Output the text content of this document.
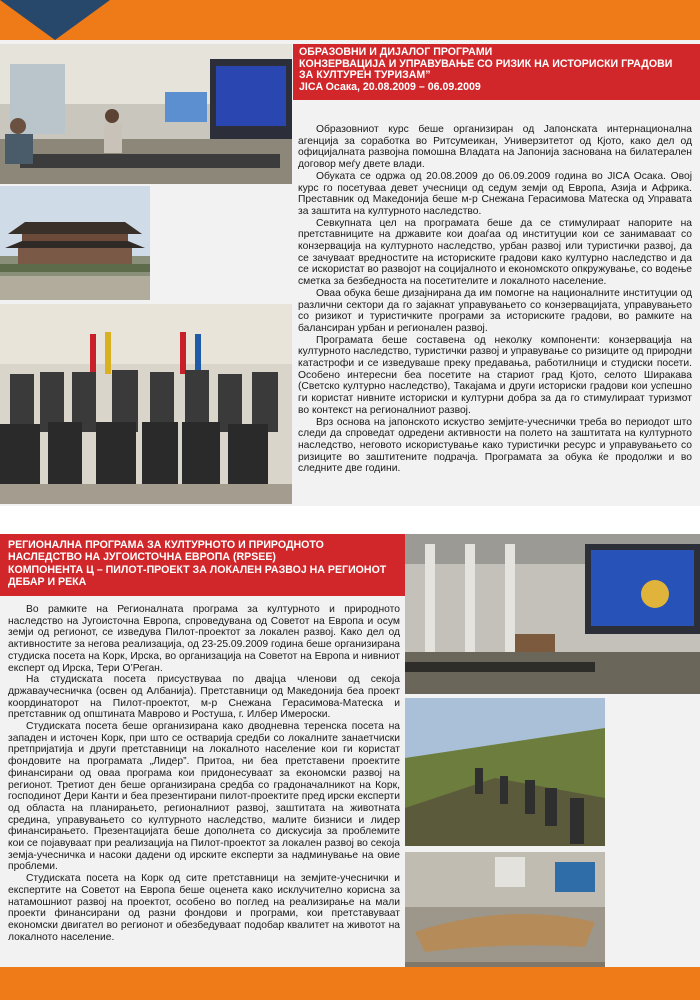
ОБРАЗОВНИ И ДИЈАЛОГ ПРОГРАМИ
КОНЗЕРВАЦИЈА И УПРАВУВАЊЕ СО РИЗИК НА ИСТОРИСКИ ГРАДОВИ
ЗА КУЛТУРЕН ТУРИЗАМ”
JICA Осака, 20.08.2009 – 06.09.2009

Образовниот курс беше организиран од Јапонската интернационална агенција за соработка во Ритсумеикан, Универзитетот од Кјото, како дел од официјалната развојна помошна Владата на Јапонија заснована на билатерален договор меѓу двете влади.

Обуката се одржа од 20.08.2009 до 06.09.2009 година во JICA Осака. Овој курс го посетуваа девет учесници од седум земји од Европа, Азија и Африка. Преставник од Македонија беше м-р Снежана Герасимова Матеска од Управата за заштита на културното наследство.

Севкупната цел на програмата беше да се стимулираат напорите на претставниците на државите кои доаѓаа од институции кои се занимаваат со конзервација на културното наследство, урбан развој или туристички развој, да се зачуваат вредностите на историските градови како културно наследство и да се искористат во развојот на социјалното и економското опкружување, со водење сметка за безбедноста на посетителите и локалното население.

Оваа обука беше дизајнирана да им помогне на националните институции од различни сектори да го зајакнат управувањето со конзервацијата, управувањето со ризикот и туристичките програми за историските градови, во рамките на балансиран урбан и регионален развој.

Програмата беше составена од неколку компоненти: конзервација на културното наследство, туристички развој и управување со ризиците од природни катастрофи и се изведуваше преку предавања, работилници и студиски посети. Особено интересни беа посетите на стариот град Кјото, селото Ширакава (Светско културно наследство), Такајама и други историски градови кои успешно ги користат нивните историски и културни добра за да го стимулираат туризмот во контекст на регионалниот развој.

Врз основа на јапонското искуство земјите-учеснички треба во периодот што следи да спроведат одредени активности на полето на заштитата на културното наследство, неговото искористување како туристички ресурс и управувањето со ризиците во заштитените подрачја. Програмата за обука ќе продолжи и во следните две години.

РЕГИОНАЛНА ПРОГРАМА ЗА КУЛТУРНОТО И ПРИРОДНОТО
НАСЛЕДСТВО НА ЈУГОИСТОЧНА ЕВРОПА (RPSEE)
КОМПОНЕНТА Ц – ПИЛОТ-ПРОЕКТ ЗА ЛОКАЛЕН РАЗВОЈ НА РЕГИОНОТ
ДЕБАР И РЕКА

Во рамките на Регионалната програма за културното и природното наследство на Југоисточна Европа, спроведувана од Советот на Европа и осум земји од регионот, се изведува Пилот-проектот за локален развој. Како дел од активностите за негова реализација, од 23-25.09.2009 година беше организирана студиска посета на Корк, Ирска, во организација на Советот на Европа и нивниот експерт од Ирска, Тери О’Реган.

На студиската посета присуствуваа по двајца членови од секоја државаучесничка (освен од Албанија). Претставници од Македонија беа проект координаторот на Пилот-проектот, м-р Снежана Герасимова-Матеска и претставник од општината Маврово и Ростуша, г. Илбер Имероски.

Студиската посета беше организирана како дводневна теренска посета на западен и источен Корк, при што се оствариja средби со локалните занаетчиски претпријатија и други претставници на локалното население кои ги користат фондовите на програмата „Лидер”. Притоа, ни беа претставени проектите финансирани од оваа програма кои придонесуваат за економски развој на регионот. Третиот ден беше организирана средба со градоначалникот на Корк, господинот Дери Канти и беа презентирани пилот-проектите пред ирски експерти од областа на планирањето, регионалниот развој, заштитата на животната средина, управувањето со културното наследство, малите бизниси и лидер финансирањето. Презентацијата беше дополнета со дискусија за проблемите кои се појавуваат при реализација на Пилот-проектот за локален развој во секоја земја-учесничка и насоки дадени од ирските експерти за надминување на овие проблеми.

Студиската посета на Корк од сите претставници на земјите-учеснички и експертите на Советот на Европа беше оценета како исклучително корисна за натамошниот развој на проектот, особено во поглед на реализирање на мали проекти финансирани од разни фондови и програми, кои претставуваат економски двигател во регионот и обезбедуваат подобар квалитет на животот на локалното население.
